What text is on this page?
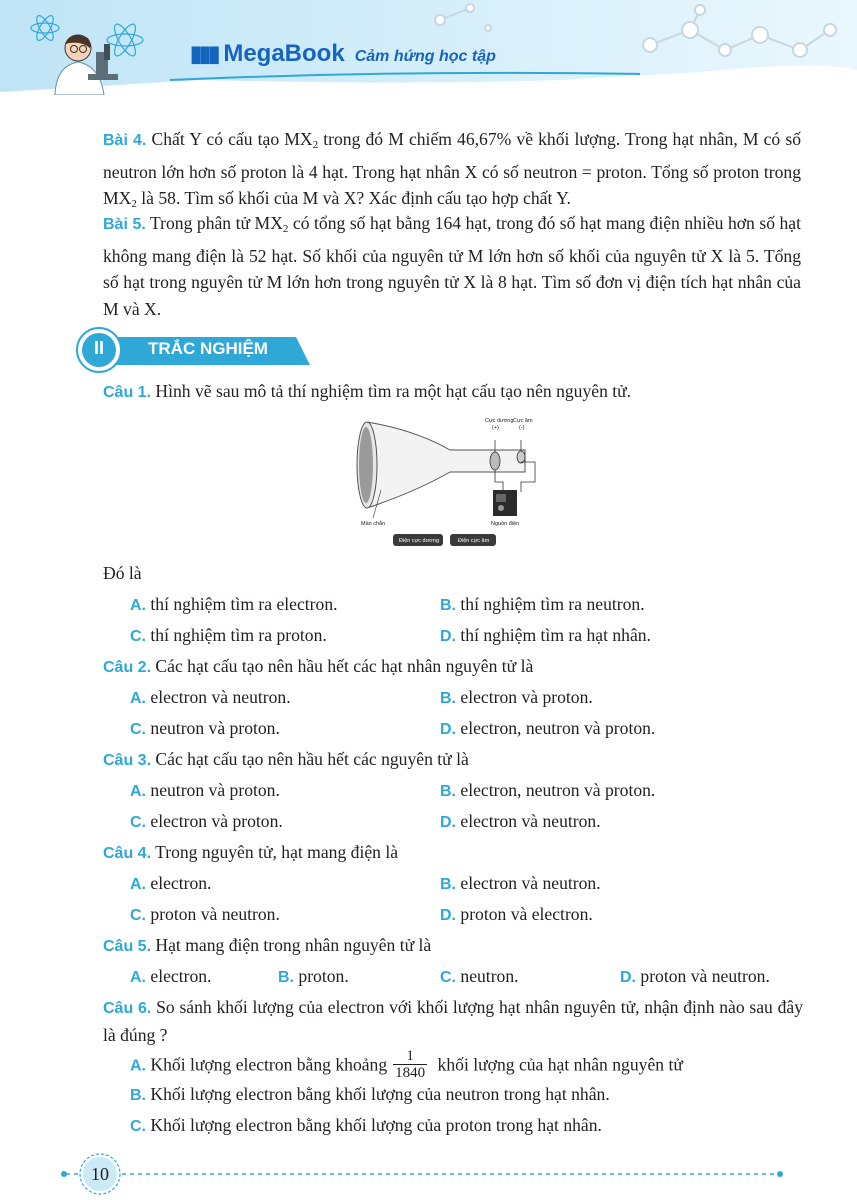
▮▮▮ MegaBook Cảm hứng học tập
Bài 4. Chất Y có cấu tạo $MX_2$ trong đó M chiếm 46,67% về khối lượng. Trong hạt nhân, M có số neutron lớn hơn số proton là 4 hạt. Trong hạt nhân X có số neutron = proton. Tổng số proton trong $MX_2$ là 58. Tìm số khối của M và X? Xác định cấu tạo hợp chất Y.
Bài 5. Trong phân tử $MX_2$ có tổng số hạt bằng 164 hạt, trong đó số hạt mang điện nhiều hơn số hạt không mang điện là 52 hạt. Số khối của nguyên tử M lớn hơn số khối của nguyên tử X là 5. Tổng số hạt trong nguyên tử M lớn hơn trong nguyên tử X là 8 hạt. Tìm số đơn vị điện tích hạt nhân của M và X.
II	TRẮC NGHIỆM
Câu 1. Hình vẽ sau mô tả thí nghiệm tìm ra một hạt cấu tạo nên nguyên tử.
Màn chắn	Nguồn điện
Cực dương
(+)
Cực âm
(-)
Điện cực dương	Điện cực âm
Đó là
A. thí nghiệm tìm ra electron.	B. thí nghiệm tìm ra neutron.
C. thí nghiệm tìm ra proton.	D. thí nghiệm tìm ra hạt nhân.
Câu 2. Các hạt cấu tạo nên hầu hết các hạt nhân nguyên tử là
A. electron và neutron.	B. electron và proton.
C. neutron và proton.	D. electron, neutron và proton.
Câu 3. Các hạt cấu tạo nên hầu hết các nguyên tử là
A. neutron và proton.	B. electron, neutron và proton.
C. electron và proton.	D. electron và neutron.
Câu 4. Trong nguyên tử, hạt mang điện là
A. electron.	B. electron và neutron.
C. proton và neutron.	D. proton và electron.
Câu 5. Hạt mang điện trong nhân nguyên tử là
A. electron.	B. proton.	C. neutron.	D. proton và neutron.
Câu 6. So sánh khối lượng của electron với khối lượng hạt nhân nguyên tử, nhận định nào sau đây là đúng ?
A. Khối lượng electron bằng khoảng $\frac{1}{1840}$ khối lượng của hạt nhân nguyên tử
B. Khối lượng electron bằng khối lượng của neutron trong hạt nhân.
C. Khối lượng electron bằng khối lượng của proton trong hạt nhân.
10
